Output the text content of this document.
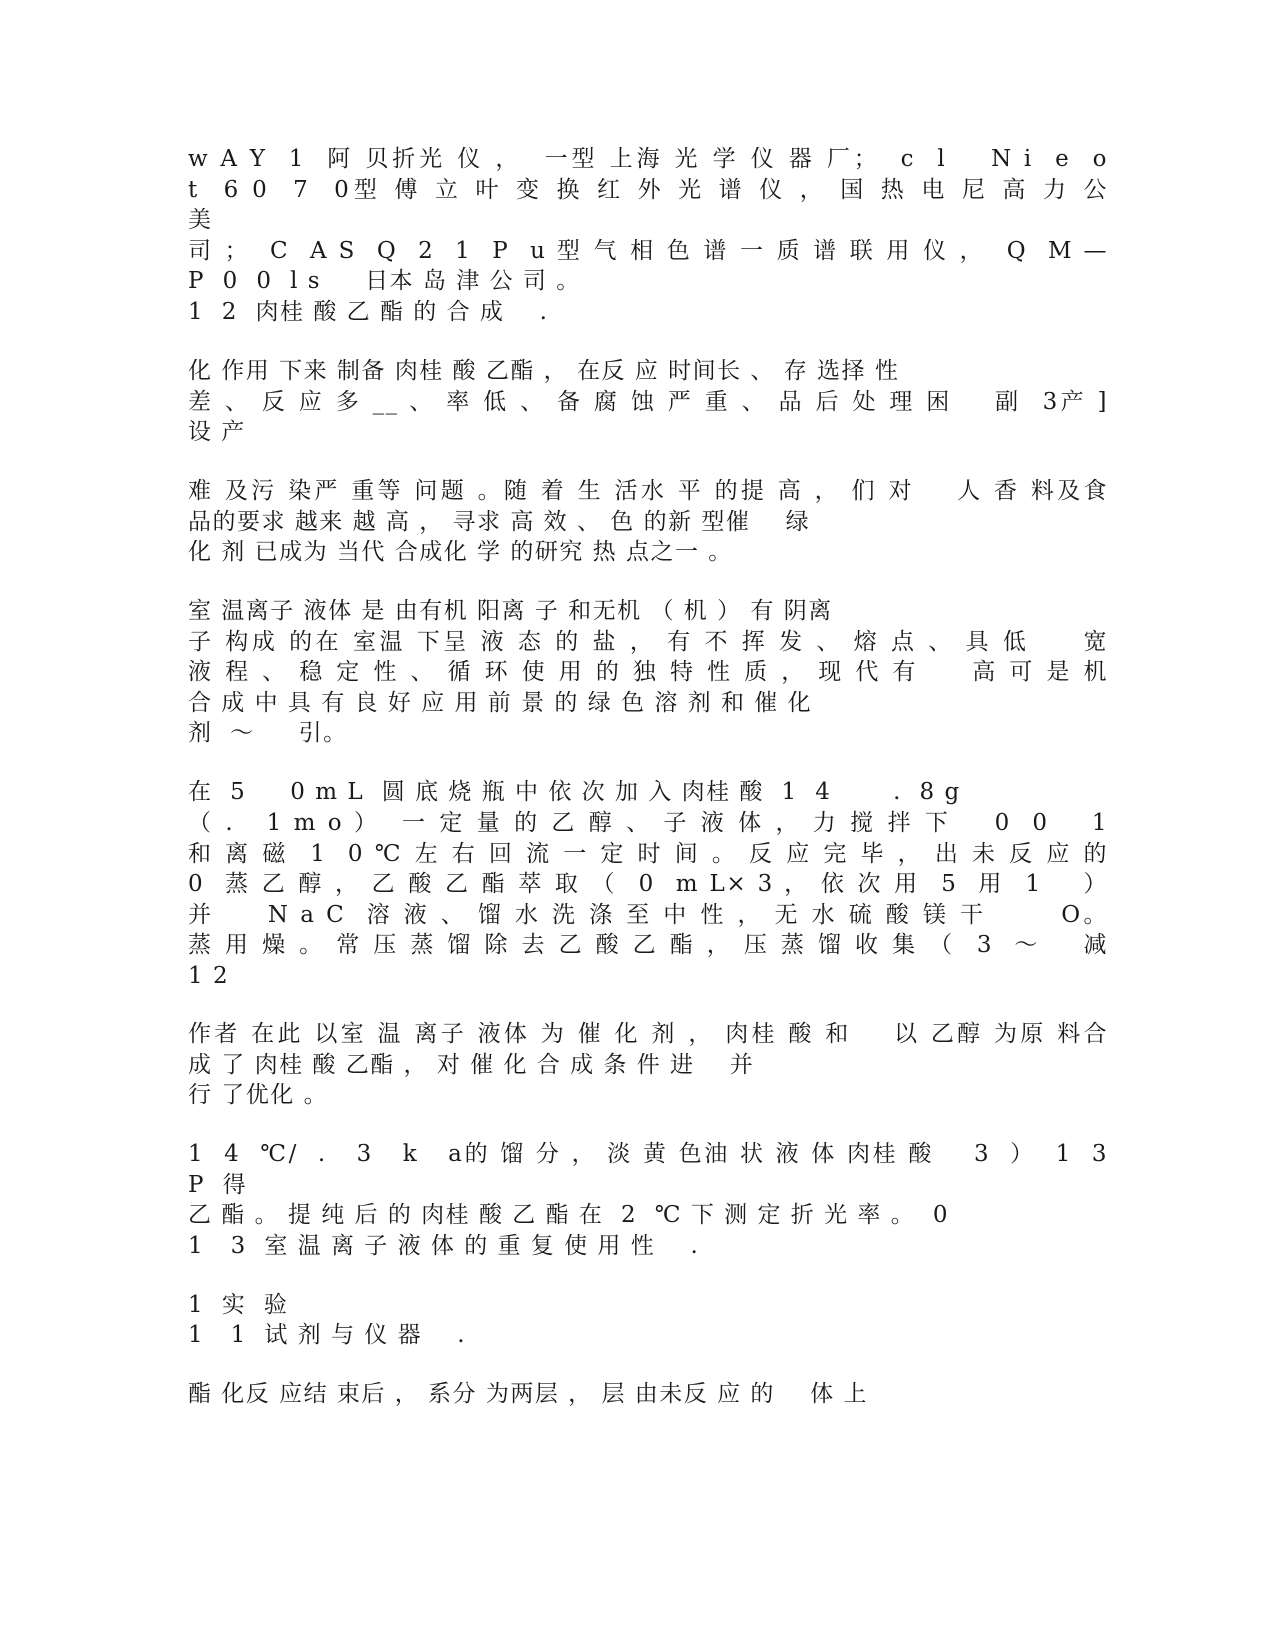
w A Y  1  阿 贝折光 仪 ，  一型 上海 光 学 仪 器 厂；  c  l    N i  e  o
t  6 0  7  0型 傅 立 叶 变 换 红 外 光 谱 仪 ， 国 热 电 尼 高 力 公
美
司 ；  C  A S  Q  2  1  P  u 型 气 相 色 谱 一 质 谱 联 用 仪 ，  Q  M —
P  0  0  l s     日本 岛 津 公 司 。
1  2  肉桂 酸 乙 酯 的 合 成    .
化 作用 下来 制备 肉桂 酸 乙酯 ， 在反 应 时间长 、 存 选择 性
差 、 反 应 多 __ 、 率 低 、 备 腐 蚀 严 重 、 品 后 处 理 困    副  3产 ]
设 产
难 及污 染严 重等 问题 。随 着 生 活水 平 的提 高 ， 们 对    人 香 料及食
品的要求 越来 越 高 ， 寻求 高 效 、 色 的新 型催    绿
化 剂 已成为 当代 合成化 学 的研究 热 点之一 。
室 温离子 液体 是 由有机 阳离 子 和无机 （ 机 ） 有 阴离
子 构成 的在 室温 下呈 液 态 的 盐 ， 有 不 挥 发 、 熔 点 、 具 低     宽
液 程 、 稳 定 性 、 循 环 使 用 的 独 特 性 质 ， 现 代 有     高 可 是 机
合 成 中 具 有 良 好 应 用 前 景 的 绿 色 溶 剂 和 催 化
剂  ～     引。
在  5     0 m L  圆 底 烧 瓶 中 依 次 加 入 肉桂 酸  1  4       .  8 g
（ .   1 m o ）  一 定 量 的 乙 醇 、 子 液 体 ， 力 搅 拌 下    0  0    1
和 离 磁  1  0 ℃ 左 右 回 流 一 定 时 间 。 反 应 完 毕 ， 出 未 反 应 的
0  蒸 乙 醇 ， 乙 酸 乙 酯 萃 取 （  0  m L× 3 ， 依 次 用  5  用  1    ）
并     N a C  溶 液 、 馏 水 洗 涤 至 中 性 ， 无 水 硫 酸 镁 干       O。
蒸 用 燥 。 常 压 蒸 馏 除 去 乙 酸 乙 酯 ， 压 蒸 馏 收 集 （  3  ～    减
1 2
作者 在此 以室 温 离子 液体 为 催 化 剂 ， 肉桂 酸 和    以 乙醇 为原 料合
成 了 肉桂 酸 乙酯 ， 对 催 化 合 成 条 件 进    并
行 了优化 。
1  4  ℃/  .   3   k   a的 馏 分 ， 淡 黄 色油 状 液 体 肉桂 酸    3  ）  1  3
P  得
乙 酯 。 提 纯 后 的 肉桂 酸 乙 酯 在  2  ℃ 下 测 定 折 光 率 。  0
1   3  室 温 离 子 液 体 的 重 复 使 用 性    .
1  实  验
1   1  试 剂 与 仪 器    .
酯 化反 应结 束后 ， 系分 为两层 ， 层 由未反 应 的    体 上
